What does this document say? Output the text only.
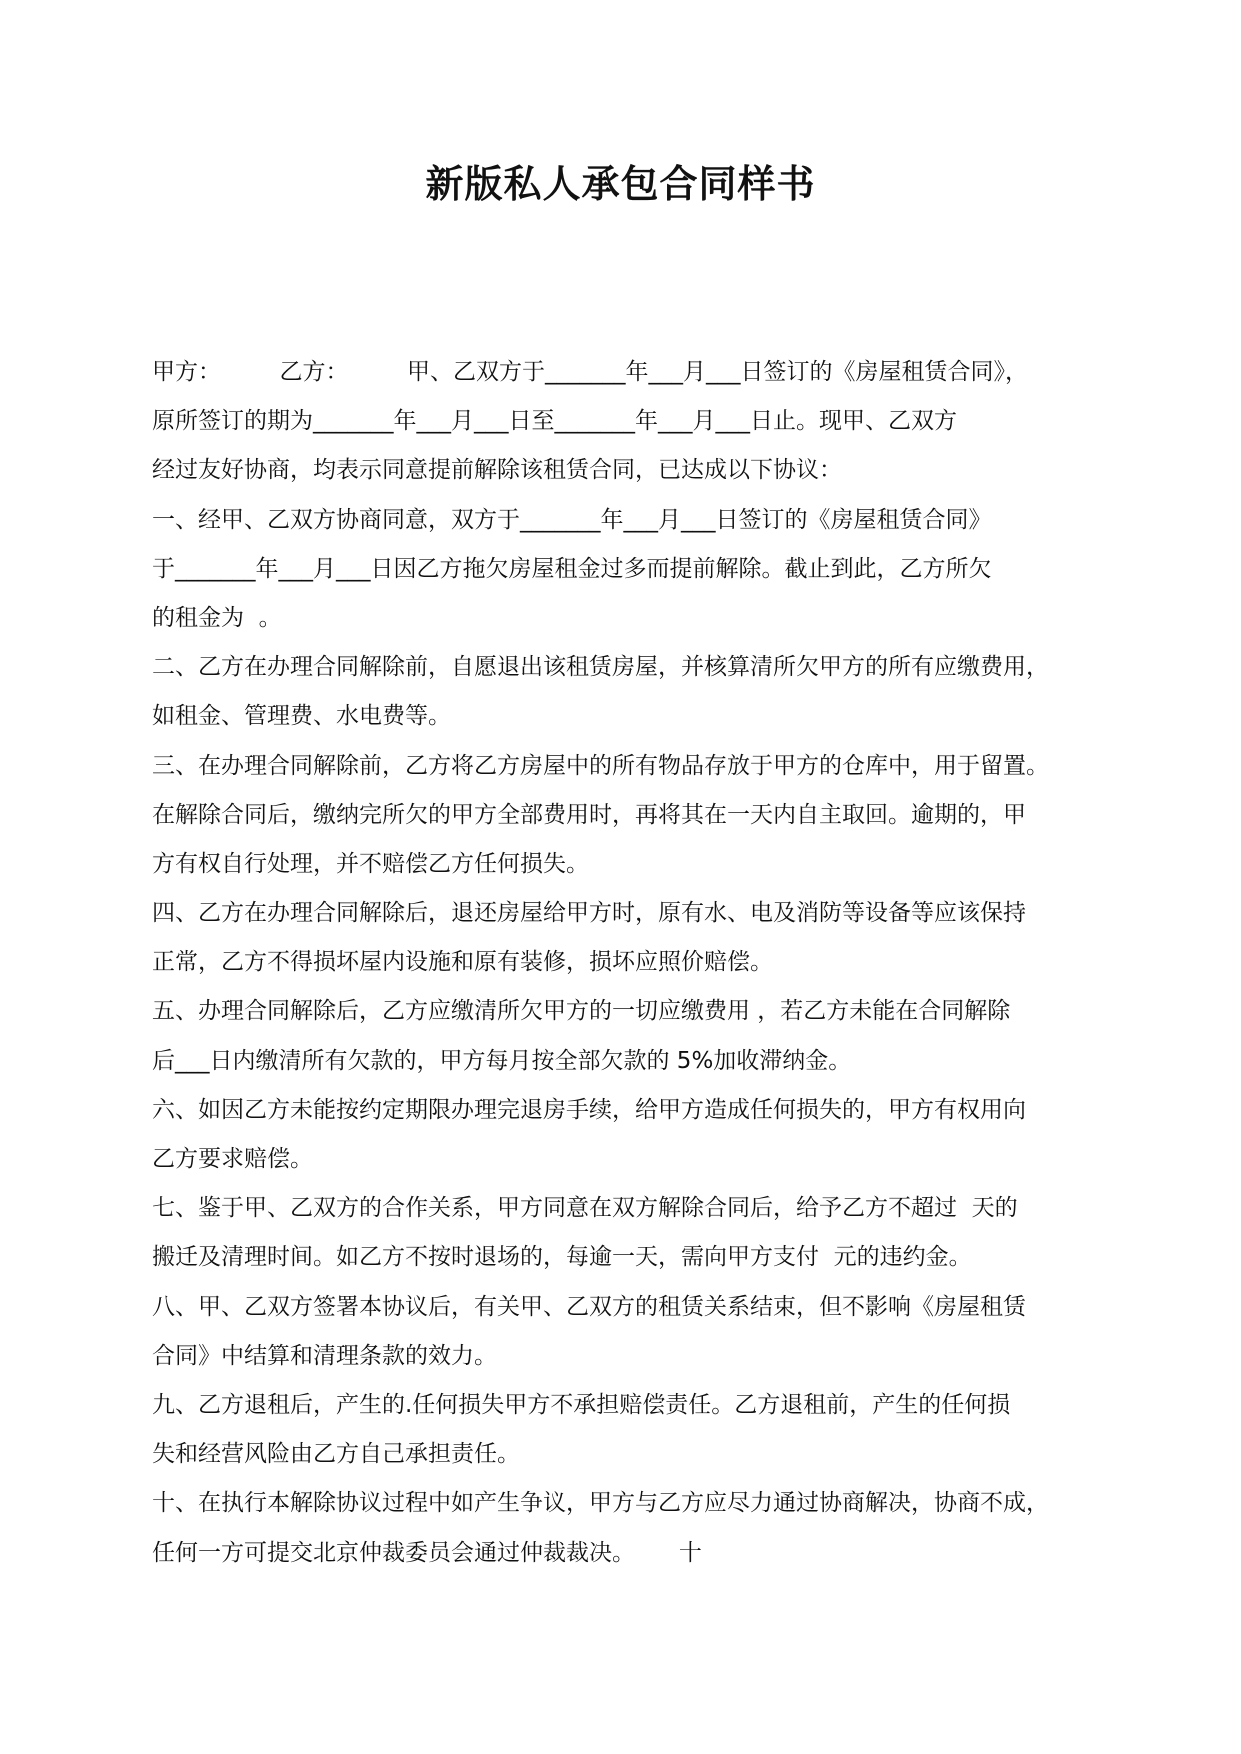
新版私人承包合同样书
甲方：        乙方：        甲、乙双方于_______年___月___日签订的《房屋租赁合同》，
原所签订的期为_______年___月___日至_______年___月___日止。现甲、乙双方
经过友好协商，均表示同意提前解除该租赁合同，已达成以下协议：
一、经甲、乙双方协商同意，双方于_______年___月___日签订的《房屋租赁合同》
于_______年___月___日因乙方拖欠房屋租金过多而提前解除。截止到此，乙方所欠
的租金为  。
二、乙方在办理合同解除前，自愿退出该租赁房屋，并核算清所欠甲方的所有应缴费用，
如租金、管理费、水电费等。
三、在办理合同解除前，乙方将乙方房屋中的所有物品存放于甲方的仓库中，用于留置。
在解除合同后，缴纳完所欠的甲方全部费用时，再将其在一天内自主取回。逾期的，甲
方有权自行处理，并不赔偿乙方任何损失。
四、乙方在办理合同解除后，退还房屋给甲方时，原有水、电及消防等设备等应该保持
正常，乙方不得损坏屋内设施和原有装修，损坏应照价赔偿。
五、办理合同解除后，乙方应缴清所欠甲方的一切应缴费用 ，若乙方未能在合同解除
后___日内缴清所有欠款的，甲方每月按全部欠款的 5%加收滞纳金。
六、如因乙方未能按约定期限办理完退房手续，给甲方造成任何损失的，甲方有权用向
乙方要求赔偿。
七、鉴于甲、乙双方的合作关系，甲方同意在双方解除合同后，给予乙方不超过  天的
搬迁及清理时间。如乙方不按时退场的，每逾一天，需向甲方支付  元的违约金。
八、甲、乙双方签署本协议后，有关甲、乙双方的租赁关系结束，但不影响《房屋租赁
合同》中结算和清理条款的效力。
九、乙方退租后，产生的.任何损失甲方不承担赔偿责任。乙方退租前，产生的任何损
失和经营风险由乙方自己承担责任。
十、在执行本解除协议过程中如产生争议，甲方与乙方应尽力通过协商解决，协商不成，
任何一方可提交北京仲裁委员会通过仲裁裁决。      十
